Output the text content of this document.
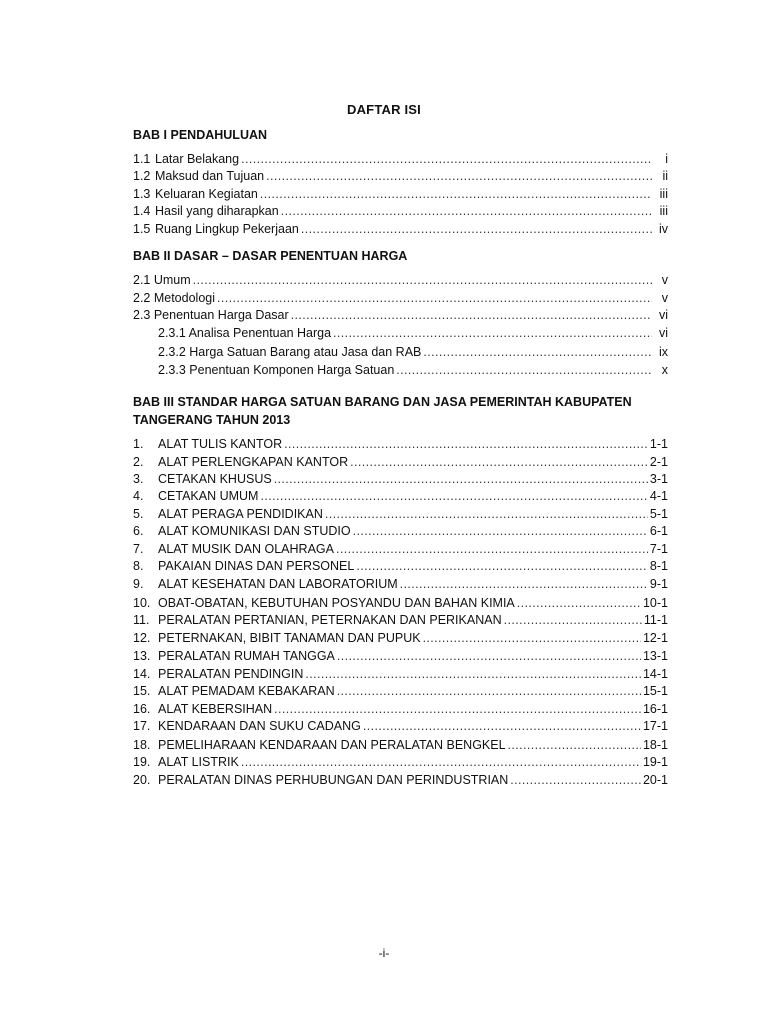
DAFTAR ISI
BAB I PENDAHULUAN
1.1 Latar Belakang .....	i
1.2 Maksud dan Tujuan .....	ii
1.3 Keluaran Kegiatan .....	iii
1.4 Hasil yang diharapkan .....	iii
1.5 Ruang Lingkup Pekerjaan .....	iv
BAB II DASAR – DASAR PENENTUAN HARGA
2.1 Umum .....	v
2.2 Metodologi .....	v
2.3 Penentuan Harga Dasar .....	vi
2.3.1 Analisa Penentuan Harga .....	vi
2.3.2 Harga Satuan Barang atau Jasa dan RAB .....	ix
2.3.3 Penentuan Komponen Harga Satuan .....	x
BAB III STANDAR HARGA SATUAN BARANG DAN JASA PEMERINTAH KABUPATEN
TANGERANG TAHUN 2013
1.	ALAT TULIS KANTOR .....	1-1
2.	ALAT PERLENGKAPAN KANTOR .....	2-1
3.	CETAKAN KHUSUS .....	3-1
4.	CETAKAN UMUM .....	4-1
5.	ALAT PERAGA PENDIDIKAN .....	5-1
6.	ALAT KOMUNIKASI DAN STUDIO .....	6-1
7.	ALAT MUSIK DAN OLAHRAGA .....	7-1
8.	PAKAIAN DINAS DAN PERSONEL .....	8-1
9.	ALAT KESEHATAN DAN LABORATORIUM .....	9-1
10. OBAT-OBATAN, KEBUTUHAN POSYANDU DAN BAHAN KIMIA .....	10-1
11. PERALATAN PERTANIAN, PETERNAKAN DAN PERIKANAN .....	11-1
12. PETERNAKAN, BIBIT TANAMAN DAN PUPUK .....	12-1
13. PERALATAN RUMAH TANGGA .....	13-1
14. PERALATAN PENDINGIN .....	14-1
15. ALAT PEMADAM KEBAKARAN .....	15-1
16. ALAT KEBERSIHAN .....	16-1
17. KENDARAAN DAN SUKU CADANG .....	17-1
18. PEMELIHARAAN KENDARAAN DAN PERALATAN BENGKEL .....	18-1
19. ALAT LISTRIK .....	19-1
20. PERALATAN DINAS PERHUBUNGAN DAN PERINDUSTRIAN .....	20-1
-i-
